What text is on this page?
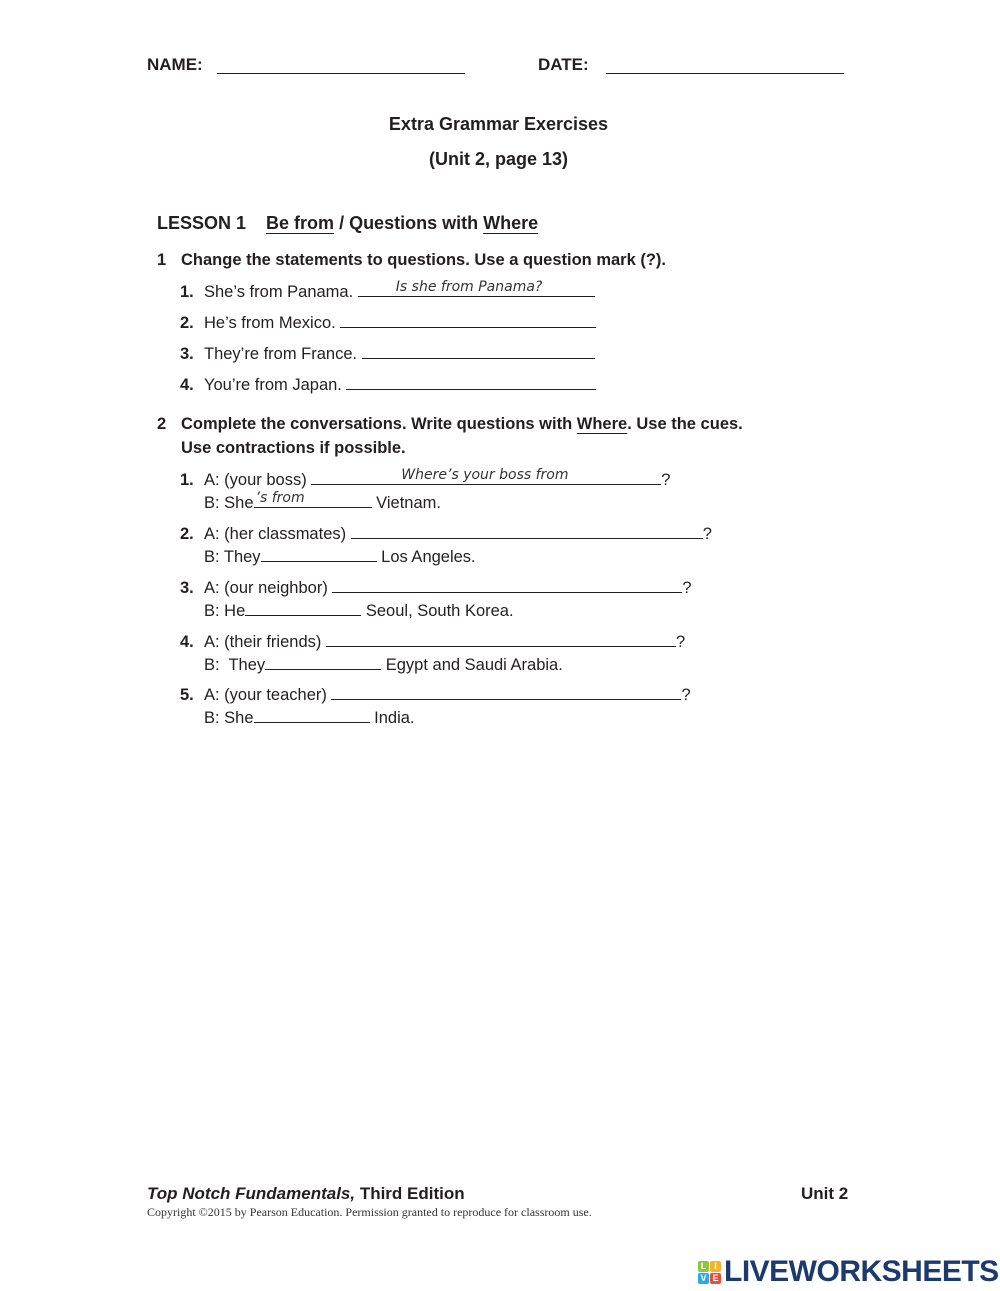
NAME:	DATE:
Extra Grammar Exercises
(Unit 2, page 13)
LESSON 1 Be from / Questions with Where
1 Change the statements to questions. Use a question mark (?).
1. She’s from Panama.	Is she from Panama?
2. He’s from Mexico.
3. They’re from France.
4. You’re from Japan.
2 Complete the conversations. Write questions with Where. Use the cues.
Use contractions if possible.
1. A: (your boss)	Where’s your boss from	?
B: She ’s from	Vietnam.
2. A: (her classmates)	?
B: They	Los Angeles.
3. A: (our neighbor)	?
B: He	Seoul, South Korea.
4. A: (their friends)	?
B:  They	Egypt and Saudi Arabia.
5. A: (your teacher)	?
B: She	India.
Top Notch Fundamentals, Third Edition	Unit 2
Copyright ©2015 by Pearson Education. Permission granted to reproduce for classroom use.
L I
V E LIVEWORKSHEETS
